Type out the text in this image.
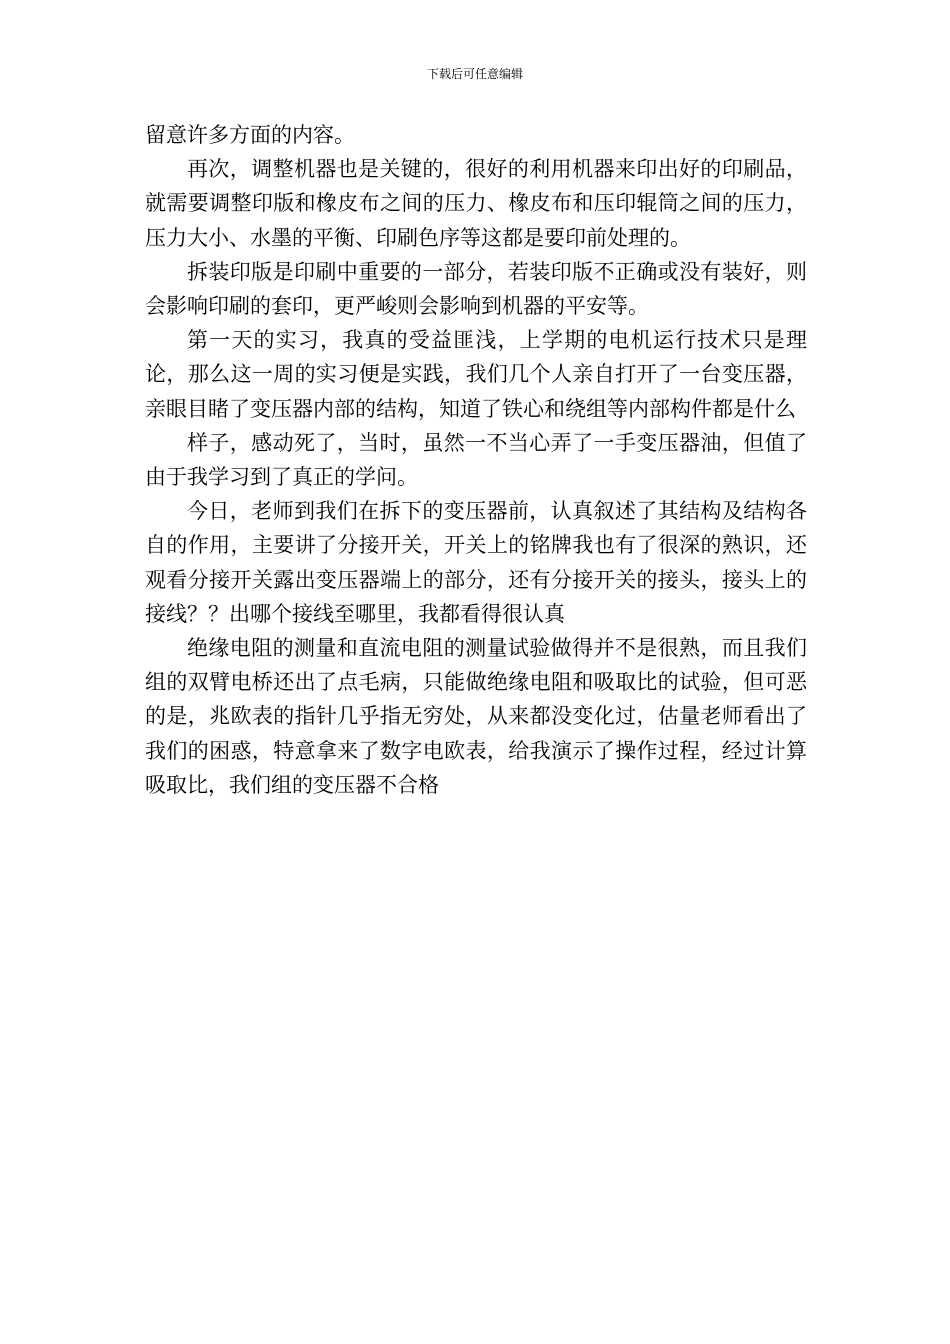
下载后可任意编辑

留意许多方面的内容。

再次，调整机器也是关键的，很好的利用机器来印出好的印刷品，就需要调整印版和橡皮布之间的压力、橡皮布和压印辊筒之间的压力，压力大小、水墨的平衡、印刷色序等这都是要印前处理的。

拆装印版是印刷中重要的一部分，若装印版不正确或没有装好，则会影响印刷的套印，更严峻则会影响到机器的平安等。

第一天的实习，我真的受益匪浅，上学期的电机运行技术只是理论，那么这一周的实习便是实践，我们几个人亲自打开了一台变压器，亲眼目睹了变压器内部的结构，知道了铁心和绕组等内部构件都是什么

样子，感动死了，当时，虽然一不当心弄了一手变压器油，但值了 由于我学习到了真正的学问。

今日，老师到我们在拆下的变压器前，认真叙述了其结构及结构各自的作用，主要讲了分接开关，开关上的铭牌我也有了很深的熟识，还观看分接开关露出变压器端上的部分，还有分接开关的接头，接头上的接线？？出哪个接线至哪里，我都看得很认真

绝缘电阻的测量和直流电阻的测量试验做得并不是很熟，而且我们组的双臂电桥还出了点毛病，只能做绝缘电阻和吸取比的试验，但可恶的是，兆欧表的指针几乎指无穷处，从来都没变化过，估量老师看出了我们的困惑，特意拿来了数字电欧表，给我演示了操作过程，经过计算吸取比，我们组的变压器不合格
